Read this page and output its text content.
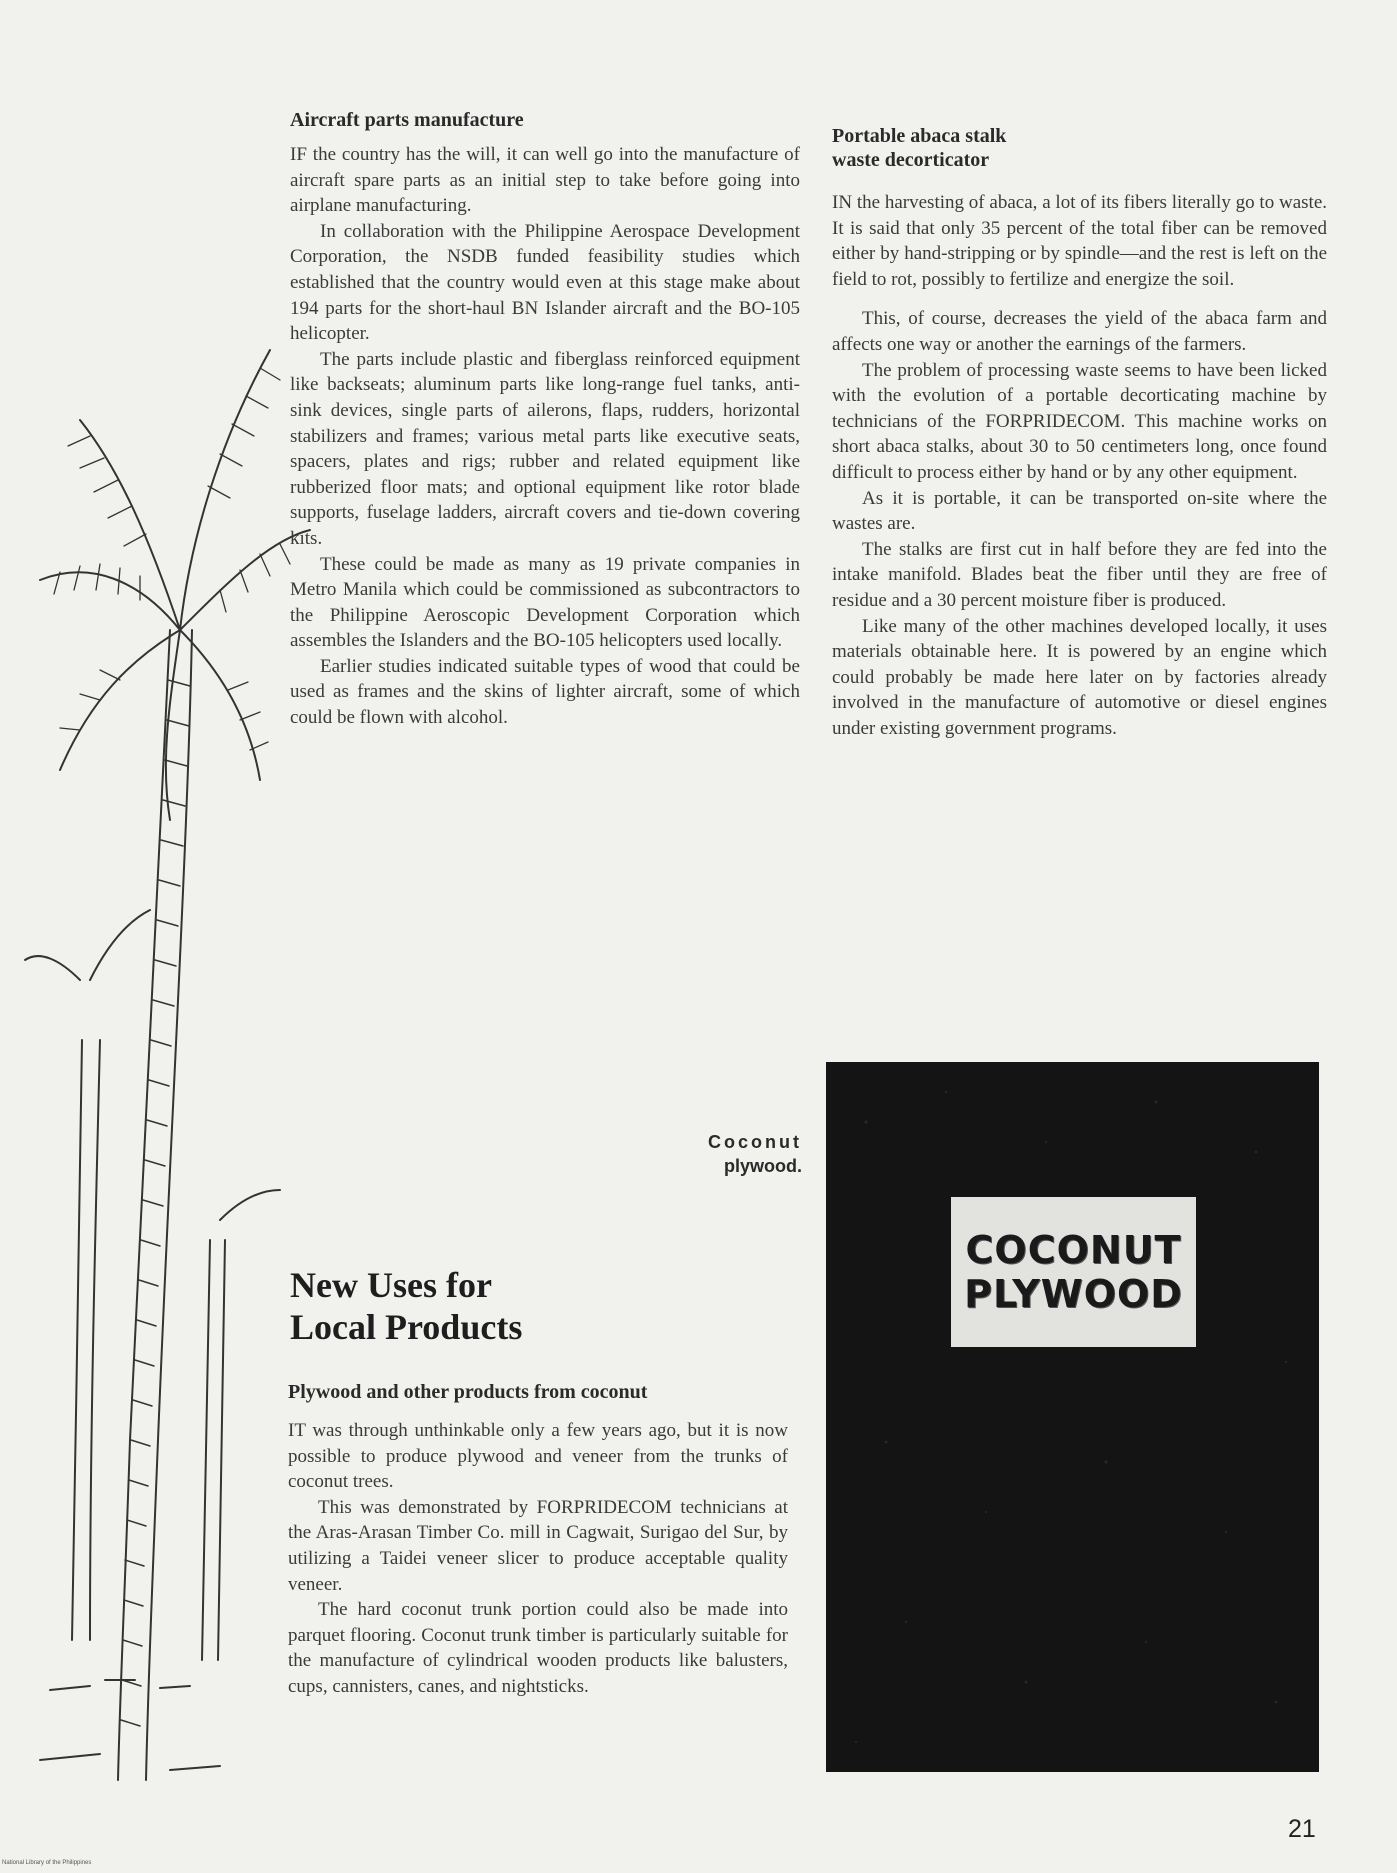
Aircraft parts manufacture

IF the country has the will, it can well go into the manufacture of aircraft spare parts as an initial step to take before going into airplane manufacturing.

In collaboration with the Philippine Aerospace Development Corporation, the NSDB funded feasibility studies which established that the country would even at this stage make about 194 parts for the short-haul BN Islander aircraft and the BO-105 helicopter.

The parts include plastic and fiberglass reinforced equipment like backseats; aluminum parts like long-range fuel tanks, anti-sink devices, single parts of ailerons, flaps, rudders, horizontal stabilizers and frames; various metal parts like executive seats, spacers, plates and rigs; rubber and related equipment like rubberized floor mats; and optional equipment like rotor blade supports, fuselage ladders, aircraft covers and tie-down covering kits.

These could be made as many as 19 private companies in Metro Manila which could be commissioned as subcontractors to the Philippine Aeroscopic Development Corporation which assembles the Islanders and the BO-105 helicopters used locally.

Earlier studies indicated suitable types of wood that could be used as frames and the skins of lighter aircraft, some of which could be flown with alcohol.

Portable abaca stalk
waste decorticator

IN the harvesting of abaca, a lot of its fibers literally go to waste. It is said that only 35 percent of the total fiber can be removed either by hand-stripping or by spindle—and the rest is left on the field to rot, possibly to fertilize and energize the soil.

This, of course, decreases the yield of the abaca farm and affects one way or another the earnings of the farmers.

The problem of processing waste seems to have been licked with the evolution of a portable decorticating machine by technicians of the FORPRIDECOM. This machine works on short abaca stalks, about 30 to 50 centimeters long, once found difficult to process either by hand or by any other equipment.

As it is portable, it can be transported on-site where the wastes are.

The stalks are first cut in half before they are fed into the intake manifold. Blades beat the fiber until they are free of residue and a 30 percent moisture fiber is produced.

Like many of the other machines developed locally, it uses materials obtainable here. It is powered by an engine which could probably be made here later on by factories already involved in the manufacture of automotive or diesel engines under existing government programs.

Coconut
plywood.
New Uses for
Local Products
Plywood and other products from coconut

IT was through unthinkable only a few years ago, but it is now possible to produce plywood and veneer from the trunks of coconut trees.

This was demonstrated by FORPRIDECOM technicians at the Aras-Arasan Timber Co. mill in Cagwait, Surigao del Sur, by utilizing a Taidei veneer slicer to produce acceptable quality veneer.

The hard coconut trunk portion could also be made into parquet flooring. Coconut trunk timber is particularly suitable for the manufacture of cylindrical wooden products like balusters, cups, cannisters, canes, and nightsticks.

COCONUT
PLYWOOD
21
National Library of the Philippines
